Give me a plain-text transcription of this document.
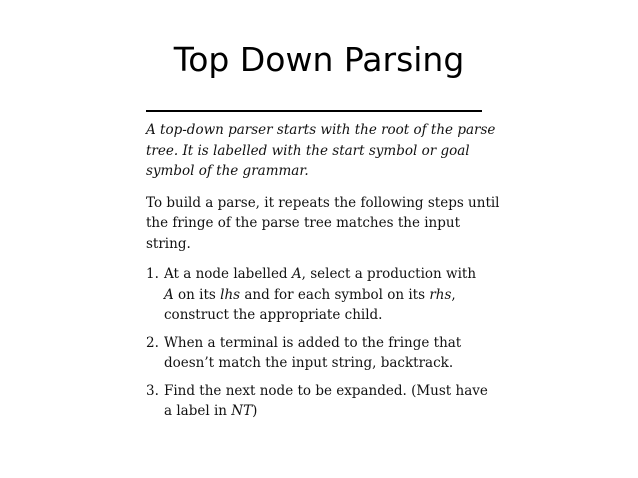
Top Down Parsing

A top-down parser starts with the root of the parse
tree. It is labelled with the start symbol or goal
symbol of the grammar.

To build a parse, it repeats the following steps until
the fringe of the parse tree matches the input
string.

1. At a node labelled A, select a production with
A on its lhs and for each symbol on its rhs,
construct the appropriate child.
2. When a terminal is added to the fringe that
doesn’t match the input string, backtrack.
3. Find the next node to be expanded. (Must have
a label in NT)
